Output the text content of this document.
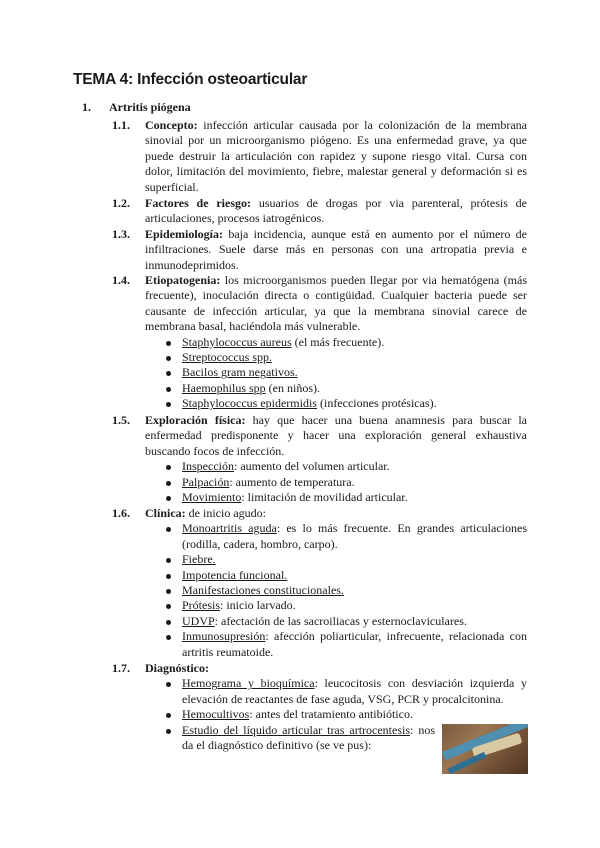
TEMA 4: Infección osteoarticular
1. Artritis piógena
1.1. Concepto: infección articular causada por la colonización de la membrana sinovial por un microorganismo piógeno. Es una enfermedad grave, ya que puede destruir la articulación con rapidez y supone riesgo vital. Cursa con dolor, limitación del movimiento, fiebre, malestar general y deformación si es superficial.
1.2. Factores de riesgo: usuarios de drogas por via parenteral, prótesis de articulaciones, procesos iatrogénicos.
1.3. Epidemiología: baja incidencia, aunque está en aumento por el número de infiltraciones. Suele darse más en personas con una artropatia previa e inmunodeprimidos.
1.4. Etiopatogenia: los microorganismos pueden llegar por via hematógena (más frecuente), inoculación directa o contigüidad. Cualquier bacteria puede ser causante de infección articular, ya que la membrana sinovial carece de membrana basal, haciéndola más vulnerable.
Staphylococcus aureus (el más frecuente).
Streptococcus spp.
Bacilos gram negativos.
Haemophilus spp (en niños).
Staphylococcus epidermidis (infecciones protésicas).
1.5. Exploración física: hay que hacer una buena anamnesis para buscar la enfermedad predisponente y hacer una exploración general exhaustiva buscando focos de infección.
Inspección: aumento del volumen articular.
Palpación: aumento de temperatura.
Movimiento: limitación de movilidad articular.
1.6. Clínica: de inicio agudo:
Monoartritis aguda: es lo más frecuente. En grandes articulaciones (rodilla, cadera, hombro, carpo).
Fiebre.
Impotencia funcional.
Manifestaciones constitucionales.
Prótesis: inicio larvado.
UDVP: afectación de las sacroiliacas y esternoclaviculares.
Inmunosupresión: afección poliarticular, infrecuente, relacionada con artritis reumatoide.
1.7. Diagnóstico:
Hemograma y bioquímica: leucocitosis con desviación izquierda y elevación de reactantes de fase aguda, VSG, PCR y procalcitonina.
Hemocultivos: antes del tratamiento antibiótico.
Estudio del líquido articular tras artrocentesis: nos da el diagnóstico definitivo (se ve pus):
